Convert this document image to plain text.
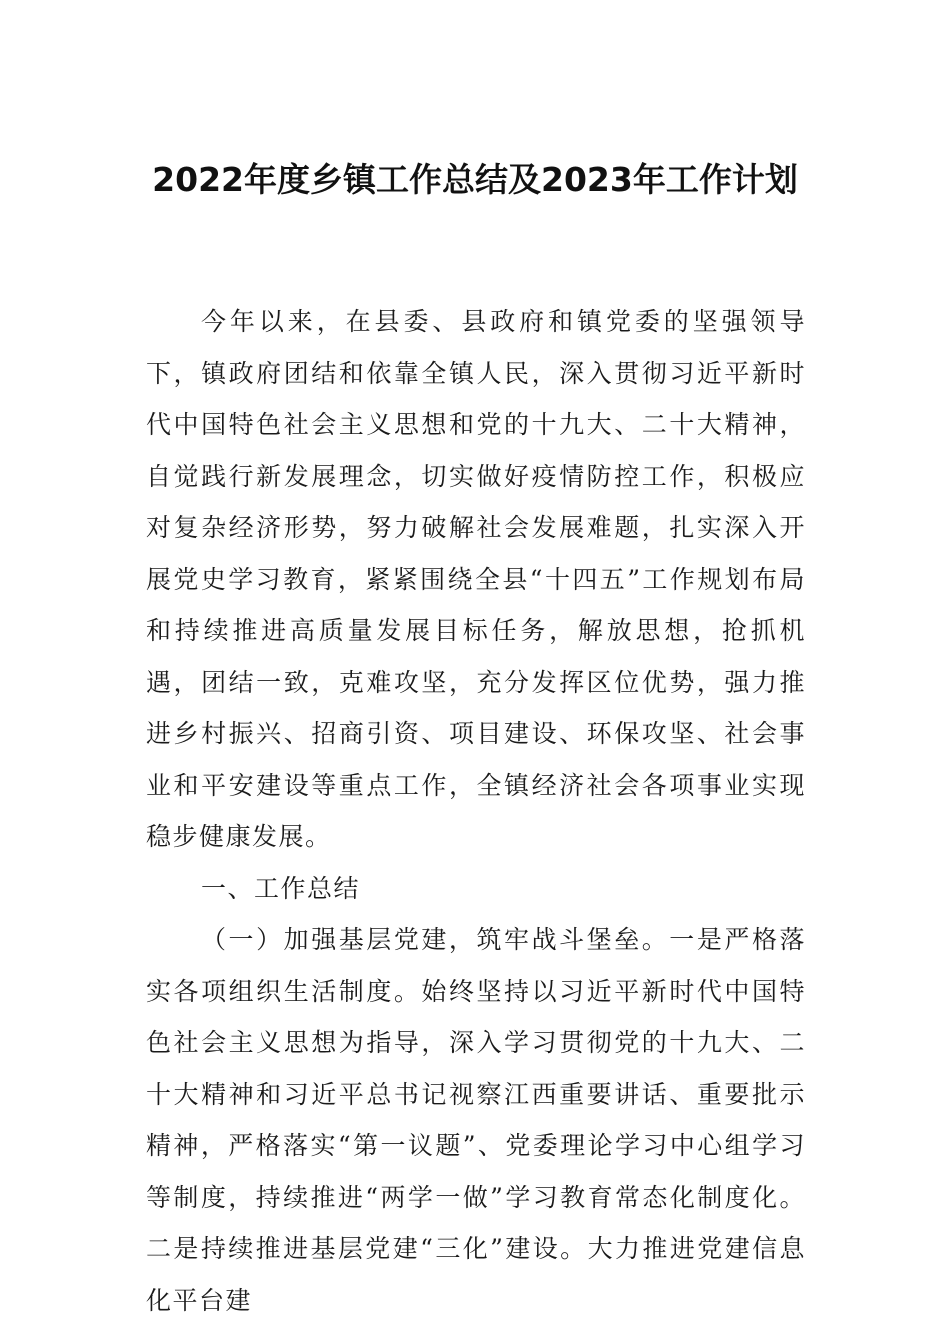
2022年度乡镇工作总结及2023年工作计划

今年以来，在县委、县政府和镇党委的坚强领导下，镇政府团结和依靠全镇人民，深入贯彻习近平新时代中国特色社会主义思想和党的十九大、二十大精神，自觉践行新发展理念，切实做好疫情防控工作，积极应对复杂经济形势，努力破解社会发展难题，扎实深入开展党史学习教育，紧紧围绕全县“十四五”工作规划布局和持续推进高质量发展目标任务，解放思想，抢抓机遇，团结一致，克难攻坚，充分发挥区位优势，强力推进乡村振兴、招商引资、项目建设、环保攻坚、社会事业和平安建设等重点工作，全镇经济社会各项事业实现稳步健康发展。

一、工作总结

（一）加强基层党建，筑牢战斗堡垒。一是严格落实各项组织生活制度。始终坚持以习近平新时代中国特色社会主义思想为指导，深入学习贯彻党的十九大、二十大精神和习近平总书记视察江西重要讲话、重要批示精神，严格落实“第一议题”、党委理论学习中心组学习等制度，持续推进“两学一做”学习教育常态化制度化。二是持续推进基层党建“三化”建设。大力推进党建信息化平台建
